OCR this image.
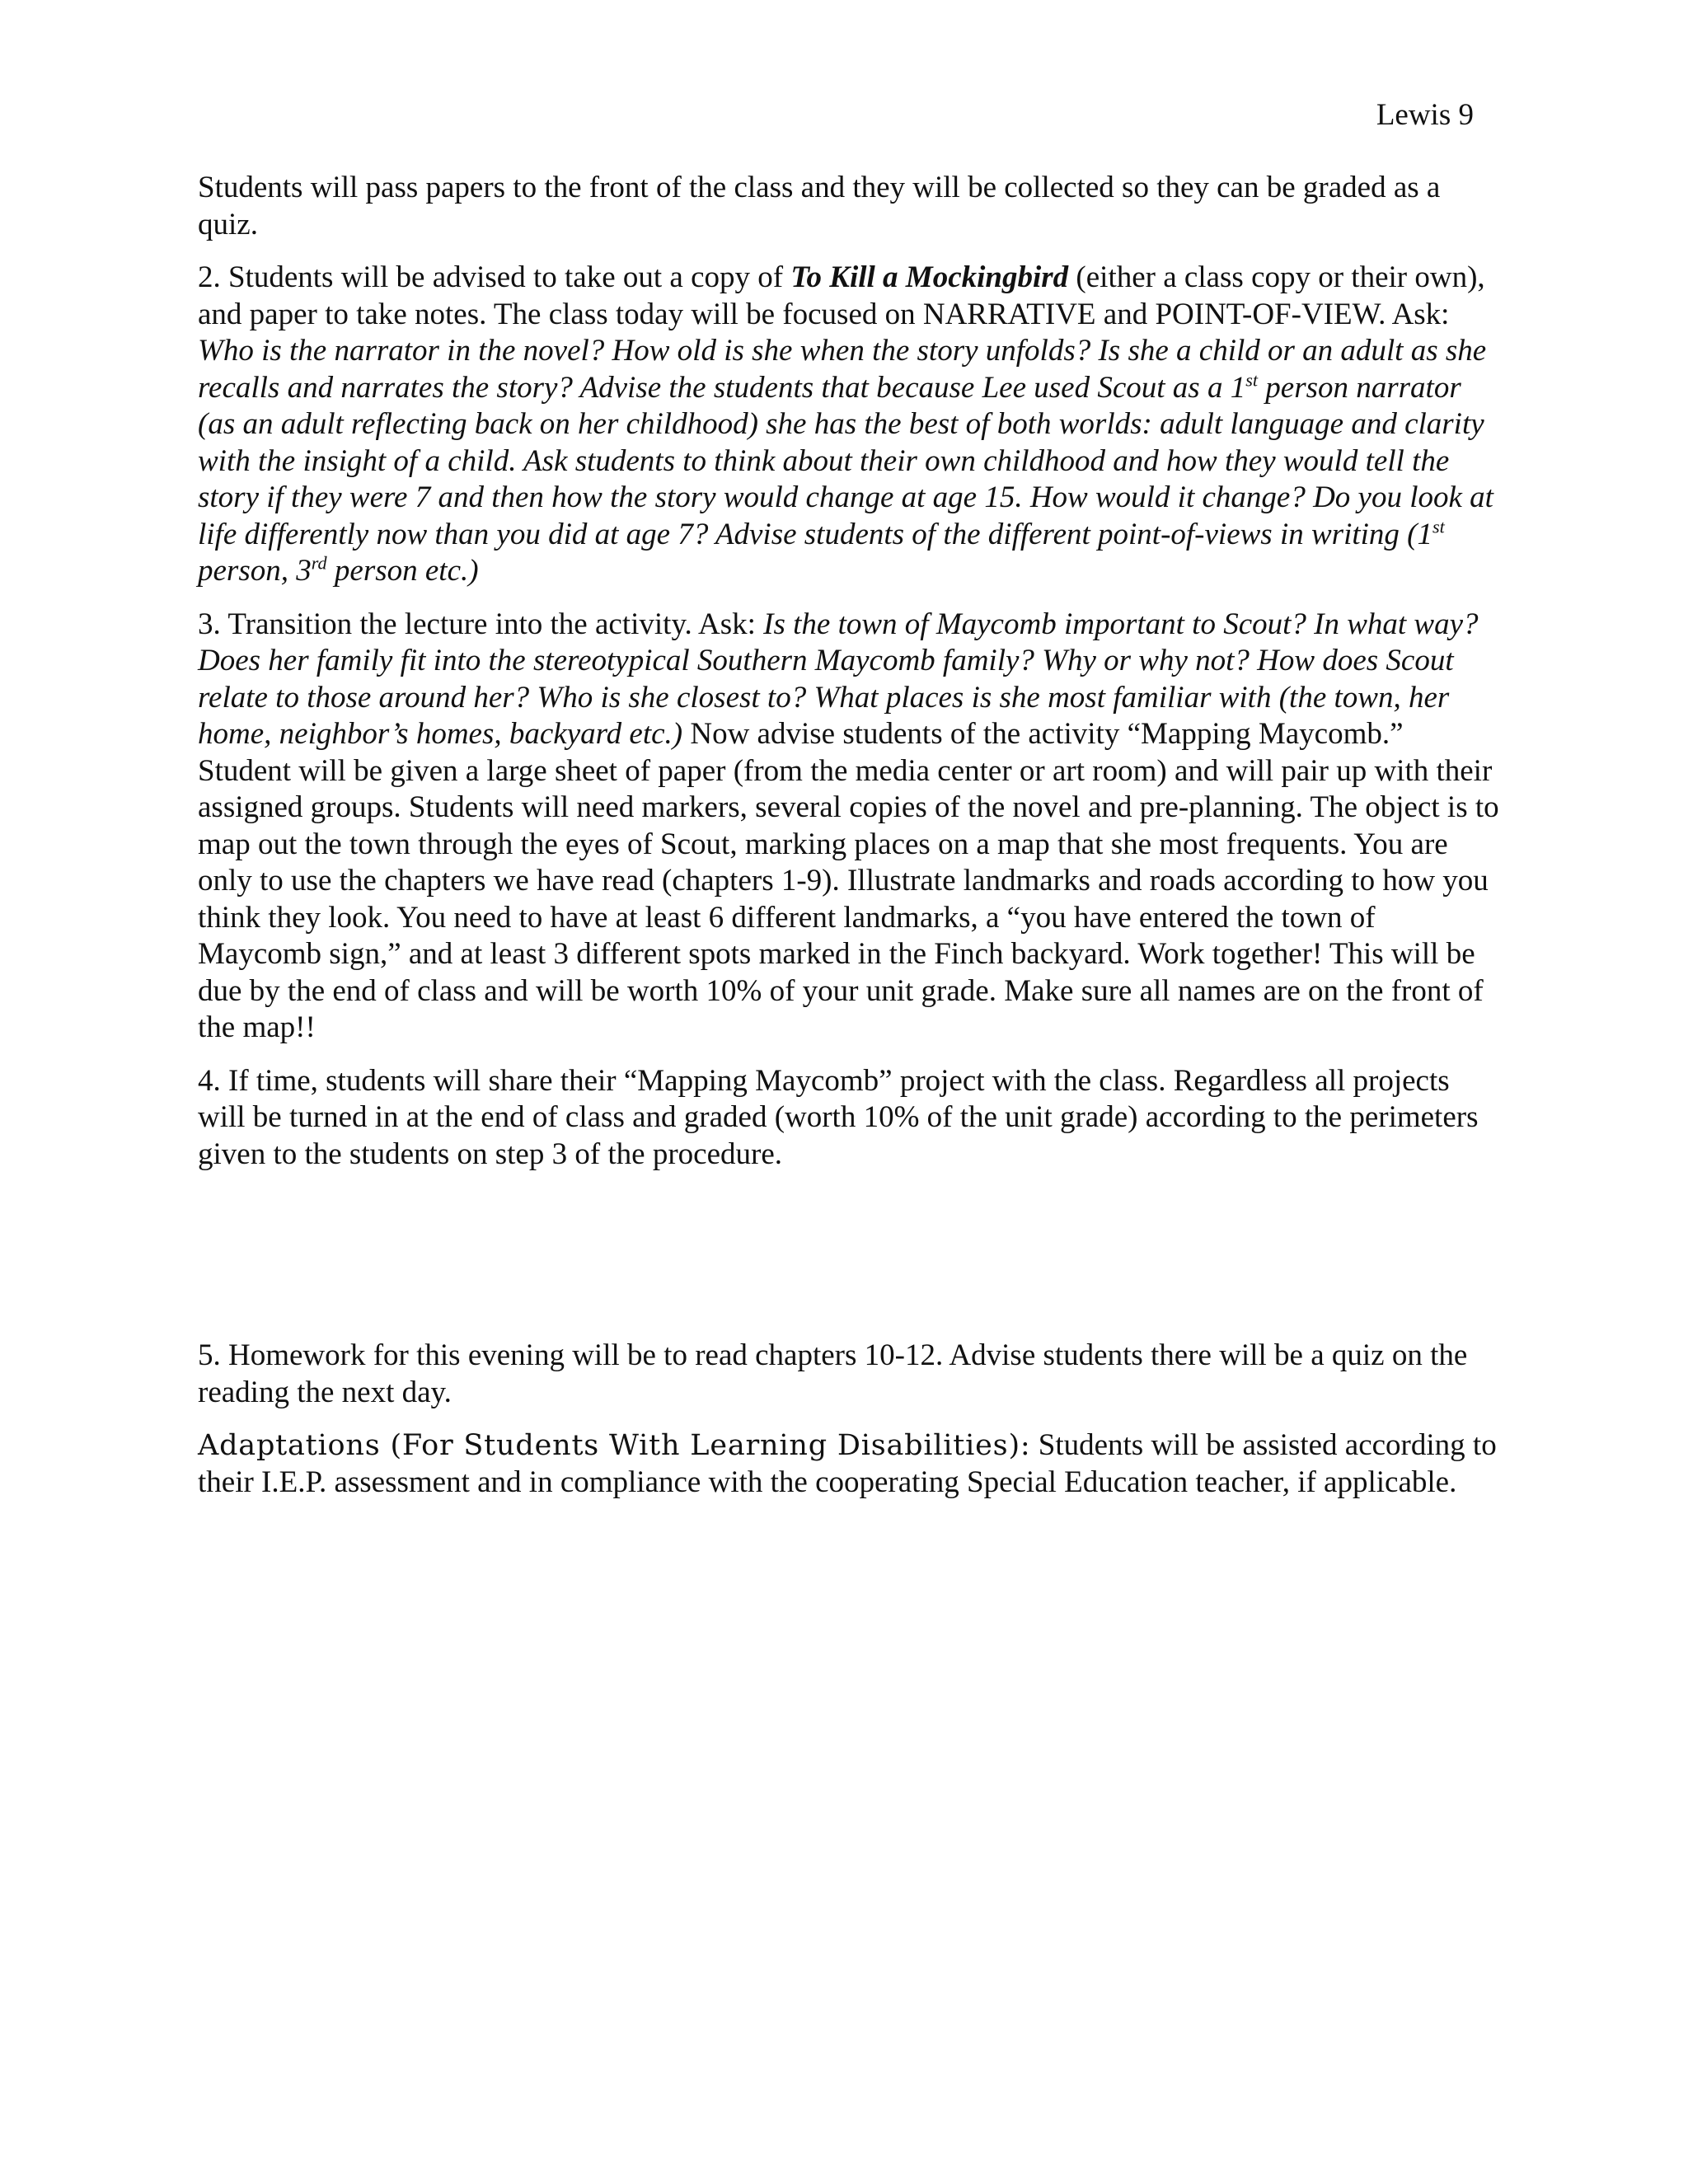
Lewis 9

Students will pass papers to the front of the class and they will be collected so they can be graded as a quiz.

2. Students will be advised to take out a copy of To Kill a Mockingbird (either a class copy or their own), and paper to take notes. The class today will be focused on NARRATIVE and POINT-OF-VIEW. Ask: Who is the narrator in the novel? How old is she when the story unfolds? Is she a child or an adult as she recalls and narrates the story? Advise the students that because Lee used Scout as a 1st person narrator (as an adult reflecting back on her childhood) she has the best of both worlds: adult language and clarity with the insight of a child. Ask students to think about their own childhood and how they would tell the story if they were 7 and then how the story would change at age 15. How would it change? Do you look at life differently now than you did at age 7? Advise students of the different point-of-views in writing (1st person, 3rd person etc.)

3. Transition the lecture into the activity. Ask: Is the town of Maycomb important to Scout? In what way? Does her family fit into the stereotypical Southern Maycomb family? Why or why not? How does Scout relate to those around her? Who is she closest to? What places is she most familiar with (the town, her home, neighbor’s homes, backyard etc.) Now advise students of the activity “Mapping Maycomb.” Student will be given a large sheet of paper (from the media center or art room) and will pair up with their assigned groups. Students will need markers, several copies of the novel and pre-planning. The object is to map out the town through the eyes of Scout, marking places on a map that she most frequents. You are only to use the chapters we have read (chapters 1-9). Illustrate landmarks and roads according to how you think they look. You need to have at least 6 different landmarks, a “you have entered the town of Maycomb sign,” and at least 3 different spots marked in the Finch backyard. Work together! This will be due by the end of class and will be worth 10% of your unit grade. Make sure all names are on the front of the map!!

4. If time, students will share their “Mapping Maycomb” project with the class. Regardless all projects will be turned in at the end of class and graded (worth 10% of the unit grade) according to the perimeters given to the students on step 3 of the procedure.

5. Homework for this evening will be to read chapters 10-12. Advise students there will be a quiz on the reading the next day.

Adaptations (For Students With Learning Disabilities): Students will be assisted according to their I.E.P. assessment and in compliance with the cooperating Special Education teacher, if applicable.
